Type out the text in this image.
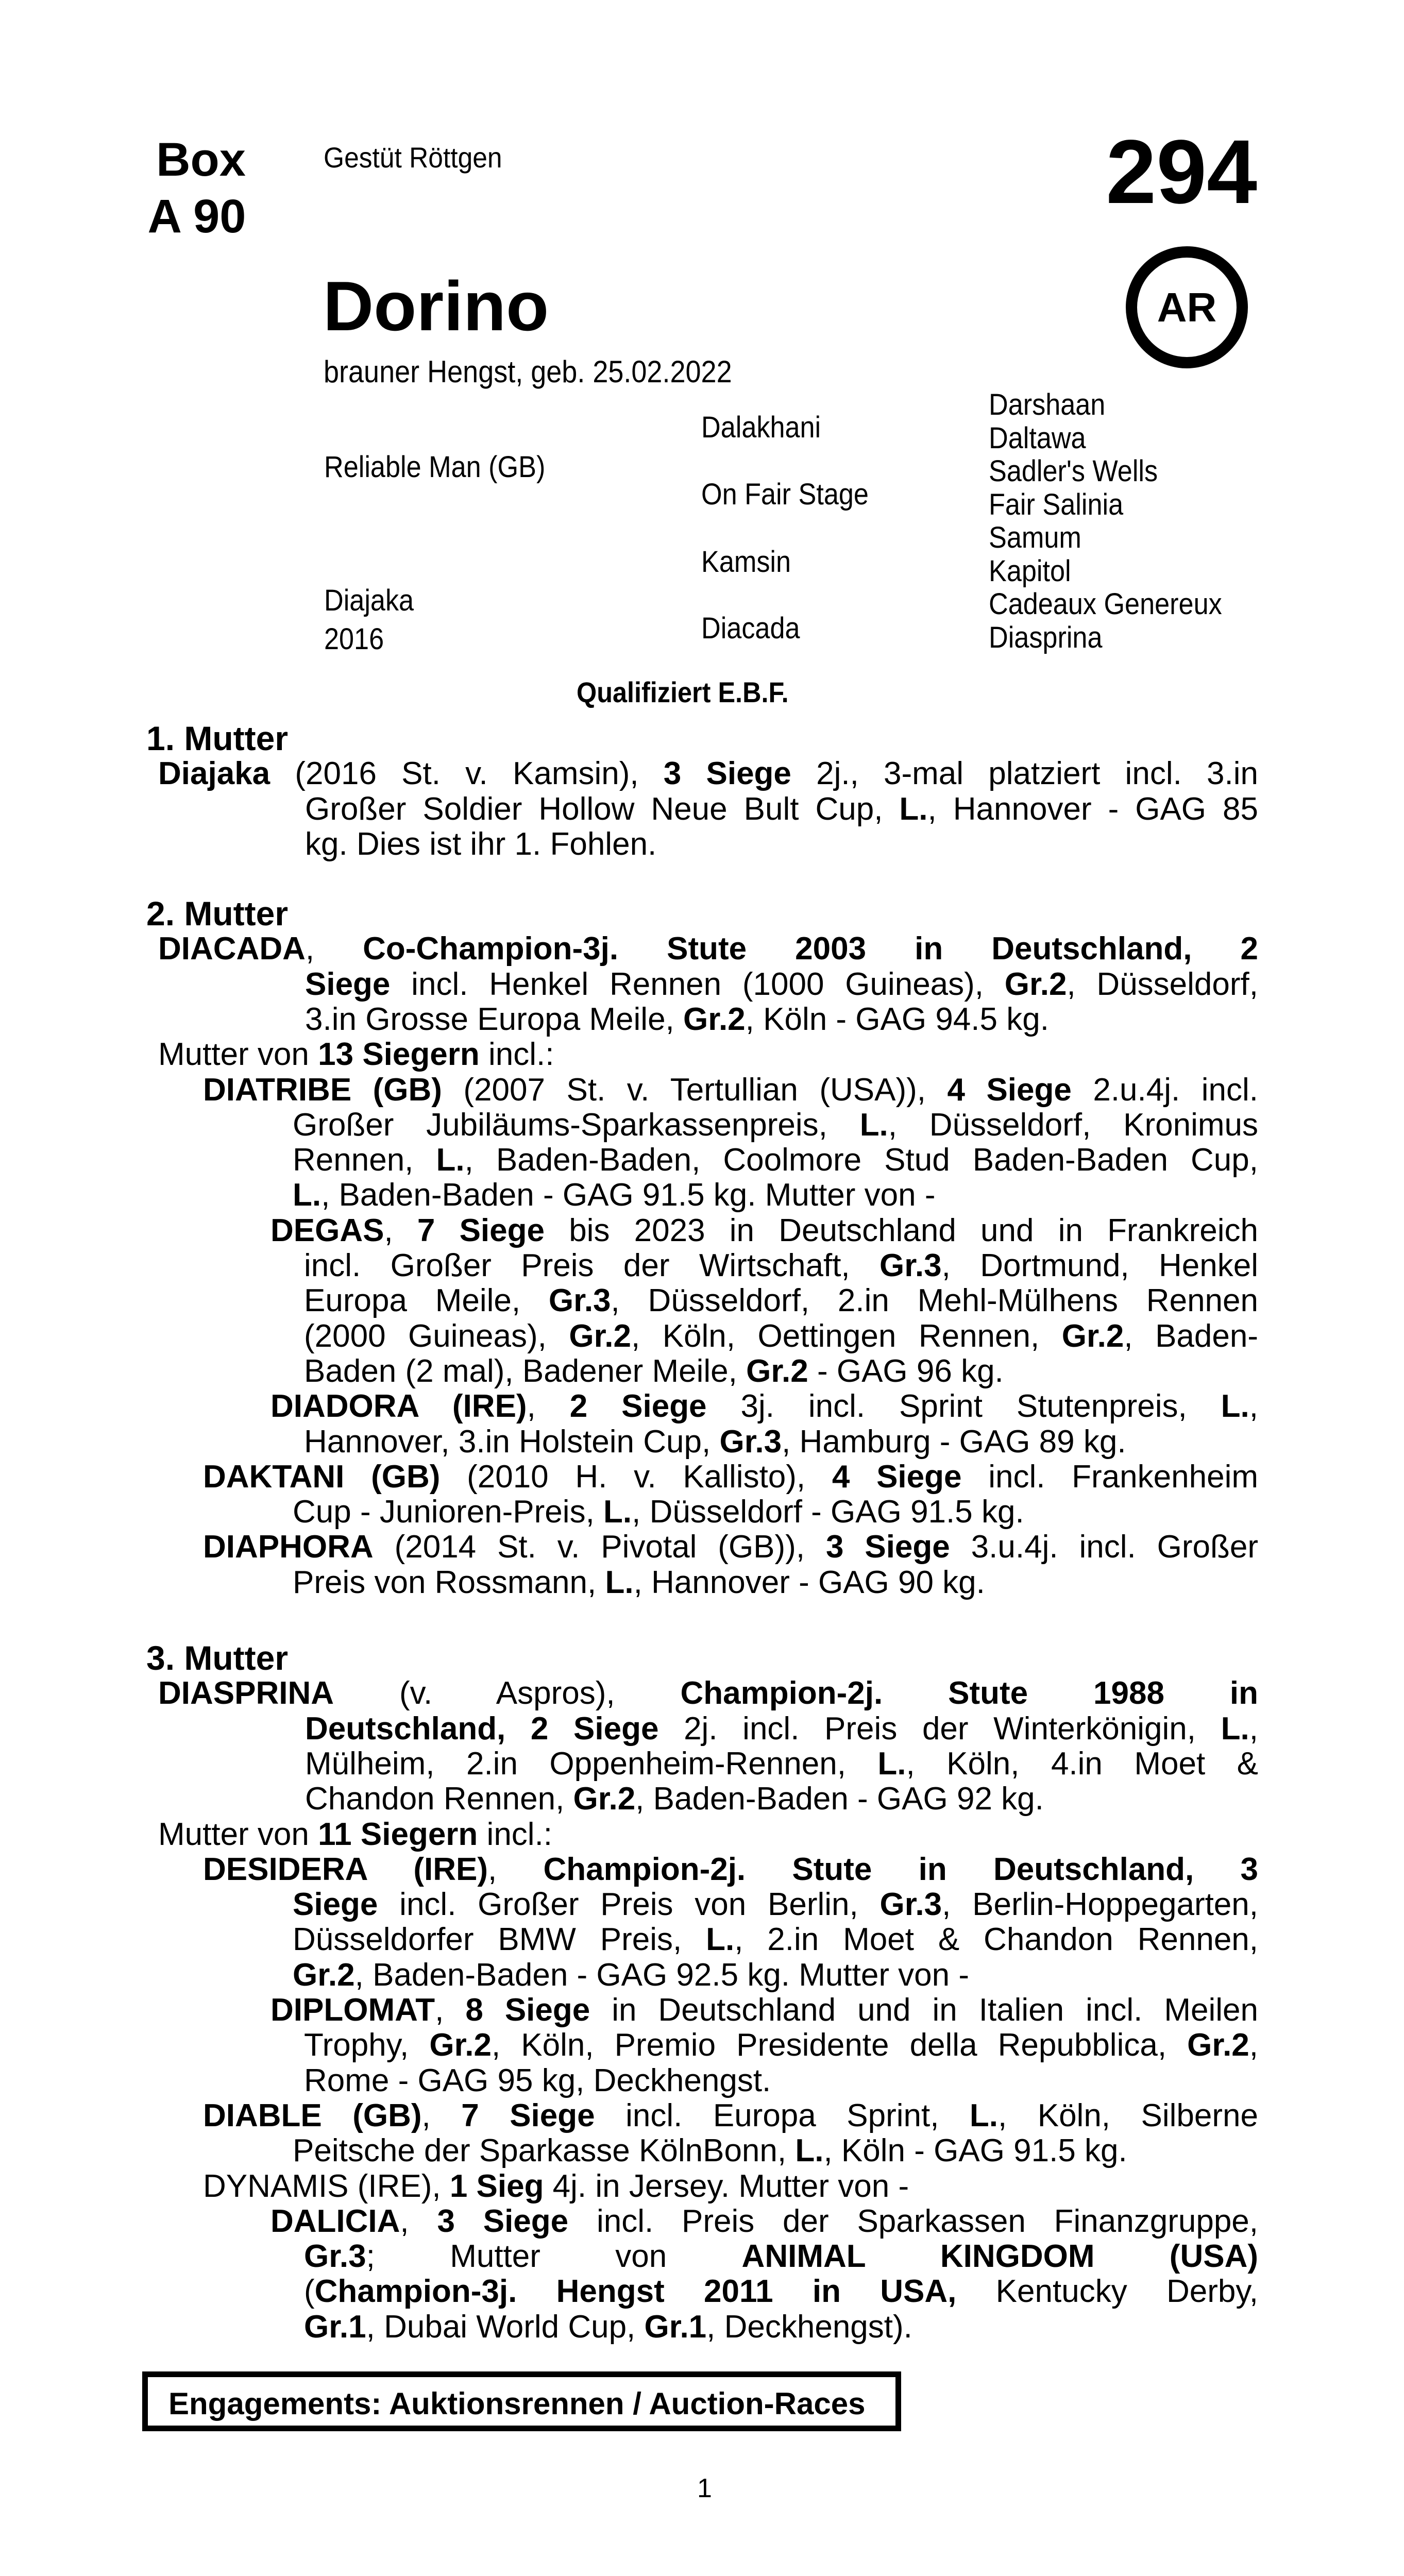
Box
A 90
Gestüt Röttgen	294
AR
Dorino
brauner Hengst, geb. 25.02.2022
Reliable Man (GB)
Diajaka
2016
Dalakhani
On Fair Stage
Kamsin
Diacada
Darshaan
Daltawa
Sadler's Wells
Fair Salinia
Samum
Kapitol
Cadeaux Genereux
Diasprina
Qualifiziert E.B.F.
1. Mutter
Diajaka (2016 St. v. Kamsin), 3 Siege 2j., 3-mal platziert incl. 3.in
Großer Soldier Hollow Neue Bult Cup, L., Hannover - GAG 85
kg. Dies ist ihr 1. Fohlen.
2. Mutter
DIACADA, Co-Champion-3j. Stute 2003 in Deutschland, 2
Siege incl. Henkel Rennen (1000 Guineas), Gr.2, Düsseldorf,
3.in Grosse Europa Meile, Gr.2, Köln - GAG 94.5 kg.
Mutter von 13 Siegern incl.:
DIATRIBE (GB) (2007 St. v. Tertullian (USA)), 4 Siege 2.u.4j. incl.
Großer Jubiläums-Sparkassenpreis, L., Düsseldorf, Kronimus
Rennen, L., Baden-Baden, Coolmore Stud Baden-Baden Cup,
L., Baden-Baden - GAG 91.5 kg. Mutter von -
DEGAS, 7 Siege bis 2023 in Deutschland und in Frankreich
incl. Großer Preis der Wirtschaft, Gr.3, Dortmund, Henkel
Europa Meile, Gr.3, Düsseldorf, 2.in Mehl-Mülhens Rennen
(2000 Guineas), Gr.2, Köln, Oettingen Rennen, Gr.2, Baden-
Baden (2 mal), Badener Meile, Gr.2 - GAG 96 kg.
DIADORA (IRE), 2 Siege 3j. incl. Sprint Stutenpreis, L.,
Hannover, 3.in Holstein Cup, Gr.3, Hamburg - GAG 89 kg.
DAKTANI (GB) (2010 H. v. Kallisto), 4 Siege incl. Frankenheim
Cup - Junioren-Preis, L., Düsseldorf - GAG 91.5 kg.
DIAPHORA (2014 St. v. Pivotal (GB)), 3 Siege 3.u.4j. incl. Großer
Preis von Rossmann, L., Hannover - GAG 90 kg.
3. Mutter
DIASPRINA (v. Aspros), Champion-2j. Stute 1988 in
Deutschland, 2 Siege 2j. incl. Preis der Winterkönigin, L.,
Mülheim, 2.in Oppenheim-Rennen, L., Köln, 4.in Moet &
Chandon Rennen, Gr.2, Baden-Baden - GAG 92 kg.
Mutter von 11 Siegern incl.:
DESIDERA (IRE), Champion-2j. Stute in Deutschland, 3
Siege incl. Großer Preis von Berlin, Gr.3, Berlin-Hoppegarten,
Düsseldorfer BMW Preis, L., 2.in Moet & Chandon Rennen,
Gr.2, Baden-Baden - GAG 92.5 kg. Mutter von -
DIPLOMAT, 8 Siege in Deutschland und in Italien incl. Meilen
Trophy, Gr.2, Köln, Premio Presidente della Repubblica, Gr.2,
Rome - GAG 95 kg, Deckhengst.
DIABLE (GB), 7 Siege incl. Europa Sprint, L., Köln, Silberne
Peitsche der Sparkasse KölnBonn, L., Köln - GAG 91.5 kg.
DYNAMIS (IRE), 1 Sieg 4j. in Jersey. Mutter von -
DALICIA, 3 Siege incl. Preis der Sparkassen Finanzgruppe,
Gr.3; Mutter von ANIMAL KINGDOM (USA)
(Champion-3j. Hengst 2011 in USA, Kentucky Derby,
Gr.1, Dubai World Cup, Gr.1, Deckhengst).
Engagements: Auktionsrennen / Auction-Races
1
